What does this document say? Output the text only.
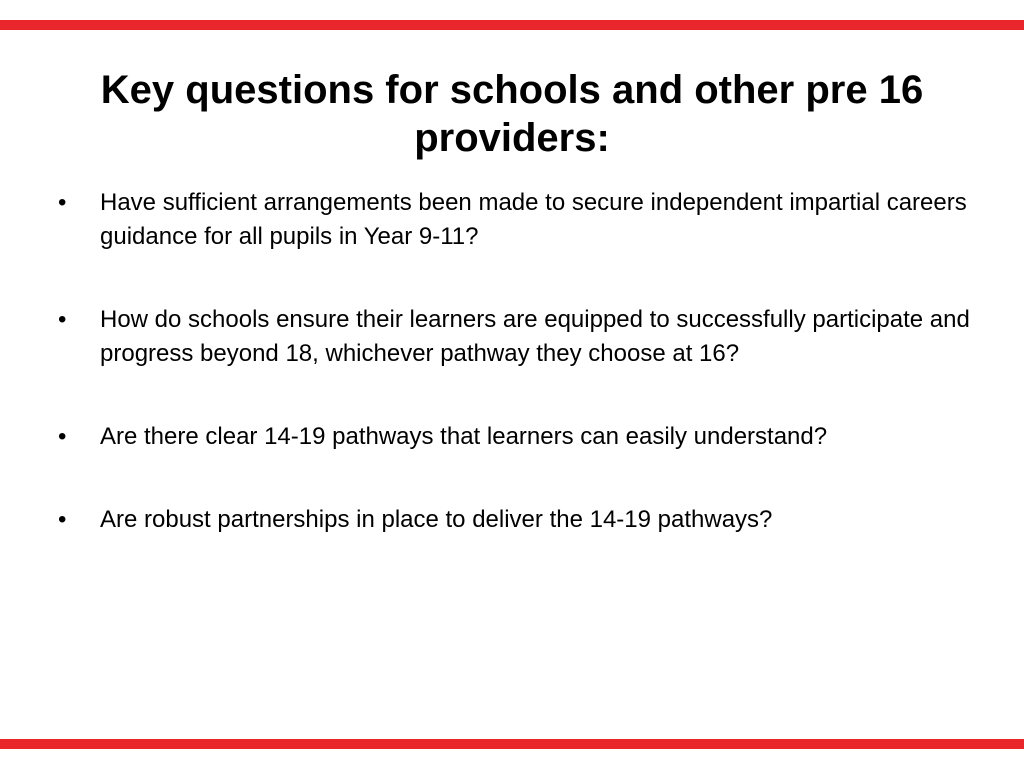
Key questions for schools and other pre 16 providers:
• Have sufficient arrangements been made to secure independent impartial careers guidance for all pupils in Year 9-11?
• How do schools ensure their learners are equipped to successfully participate and progress beyond 18, whichever pathway they choose at 16?
• Are there clear 14-19 pathways that learners can easily understand?
• Are robust partnerships in place to deliver the 14-19 pathways?
